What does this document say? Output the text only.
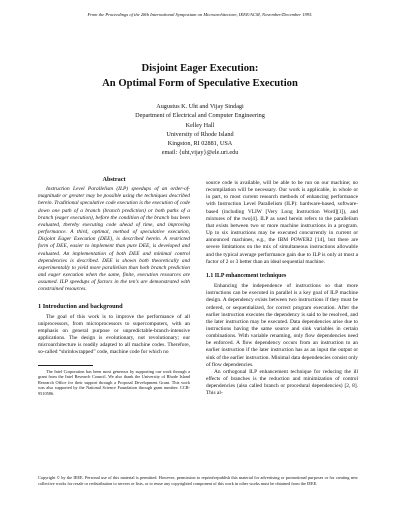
From the Proceedings of the 28th International Symposium on Microarchitecture, IEEE/ACM, November/December 1995.
Disjoint Eager Execution:
An Optimal Form of Speculative Execution
Augustus K. Uht and Vijay Sindagi
Department of Electrical and Computer Engineering
Kelley Hall
University of Rhode Island
Kingston, RI 02881, USA
email: {uht,vijay}@ele.uri.edu
Abstract

Instruction Level Parallelism (ILP) speedups of an order-of-magnitude or greater may be possible using the techniques described herein. Traditional speculative code execution is the execution of code down one path of a branch (branch prediction) or both paths of a branch (eager execution), before the condition of the branch has been evaluated, thereby executing code ahead of time, and improving performance. A third, optimal, method of speculative execution, Disjoint Eager Execution (DEE), is described herein. A restricted form of DEE, easier to implement than pure DEE, is developed and evaluated. An implementation of both DEE and minimal control dependencies is described. DEE is shown both theoretically and experimentally to yield more parallelism than both branch prediction and eager execution when the same, finite, execution resources are assumed. ILP speedups of factors in the ten’s are demonstrated with constrained resources.

1 Introduction and background

The goal of this work is to improve the performance of all uniprocessors, from microprocessors to supercomputers, with an emphasis on general purpose or unpredictable-branch-intensive applications. The design is evolutionary, not revolutionary; our microarchitecture is readily adapted to all machine codes. Therefore, so-called “shrinkwrapped” code, machine code for which no

The Intel Corporation has been most generous by supporting our work through a grant from the Intel Research Council. We also thank the University of Rhode Island Research Office for their support through a Proposal Development Grant. This work was also supported by the National Science Foundation through grant number: CCR-9510586.

source code is available, will be able to be run on our machine; no recompilation will be necessary. Our work is applicable, in whole or in part, to most current research methods of enhancing performance with Instruction Level Parallelism (ILP): hardware-based, software-based (including VLIW [Very Long Instruction Word][1]), and mixtures of the two[4]. ILP as used herein refers to the parallelism that exists between two or more machine instructions in a program. Up to six instructions may be executed concurrently in current or announced machines, e.g., the IBM POWER2 [14], but there are severe limitations on the mix of simultaneous instructions allowable and the typical average performance gain due to ILP is only at most a factor of 2 or 3 better than an ideal sequential machine.

1.1 ILP enhancement techniques

Enhancing the independence of instructions so that more instructions can be executed in parallel is a key goal of ILP machine design. A dependency exists between two instructions if they must be ordered, or sequentialized, for correct program execution. After the earlier instruction executes the dependency is said to be resolved, and the later instruction may be executed. Data dependencies arise due to instructions having the same source and sink variables in certain combinations. With variable renaming, only flow dependencies need be enforced. A flow dependency occurs from an instruction to an earlier instruction if the later instruction has as an input the output or sink of the earlier instruction. Minimal data dependencies consist only of flow dependencies.

An orthogonal ILP enhancement technique for reducing the ill effects of branches is the reduction and minimization of control dependencies (also called branch or procedural dependencies) [2, 8]. This al-

Copyright © by the IEEE. Personal use of this material is permitted. However, permission to reprint/republish this material for advertising or promotional purposes or for creating new collective works for resale or redistribution to servers or lists, or to reuse any copyrighted component of this work in other works must be obtained from the IEEE.
